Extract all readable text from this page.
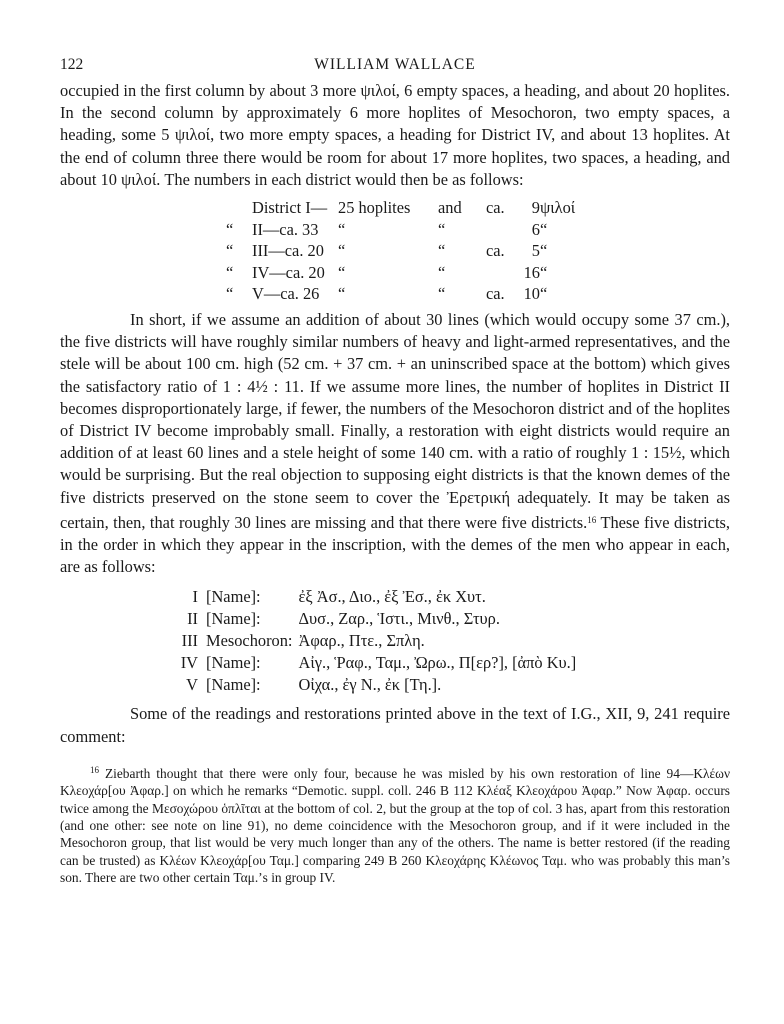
122	WILLIAM WALLACE

occupied in the first column by about 3 more ψιλοί, 6 empty spaces, a heading, and about 20 hoplites. In the second column by approximately 6 more hoplites of Mesochoron, two empty spaces, a heading, some 5 ψιλοί, two more empty spaces, a heading for District IV, and about 13 hoplites. At the end of column three there would be room for about 17 more hoplites, two spaces, a heading, and about 10 ψιλοί. The numbers in each district would then be as follows:

	District I—	25 hoplites	and	ca.	9	ψιλοί
“	II—ca. 33	“	“		6	“
“	III—ca. 20	“	“	ca.	5	“
“	IV—ca. 20	“	“		16	“
“	V—ca. 26	“	“	ca.	10	“

In short, if we assume an addition of about 30 lines (which would occupy some 37 cm.), the five districts will have roughly similar numbers of heavy and light-armed representatives, and the stele will be about 100 cm. high (52 cm. + 37 cm. + an uninscribed space at the bottom) which gives the satisfactory ratio of 1 : 4½ : 11. If we assume more lines, the number of hoplites in District II becomes disproportionately large, if fewer, the numbers of the Mesochoron district and of the hoplites of District IV become improbably small. Finally, a restoration with eight districts would require an addition of at least 60 lines and a stele height of some 140 cm. with a ratio of roughly 1 : 15½, which would be surprising. But the real objection to supposing eight districts is that the known demes of the five districts preserved on the stone seem to cover the Ἐρετρική adequately. It may be taken as certain, then, that roughly 30 lines are missing and that there were five districts.$^{16}$ These five districts, in the order in which they appear in the inscription, with the demes of the men who appear in each, are as follows:

I	[Name]:	ἐξ Ἀσ., Διο., ἐξ Ἐσ., ἐκ Χυτ.
II	[Name]:	Δυσ., Ζαρ., Ἱστι., Μινθ., Στυρ.
III	Mesochoron:	Ἀφαρ., Πτε., Σπλη.
IV	[Name]:	Αἰγ., Ῥαφ., Ταμ., Ὠρω., Π[ερ?], [ἀπὸ Κυ.]
V	[Name]:	Οἰχα., ἐγ Ν., ἐκ [Τη.].

Some of the readings and restorations printed above in the text of I.G., XII, 9, 241 require comment:

$^{16}$ Ziebarth thought that there were only four, because he was misled by his own restoration of line 94—Κλέων Κλεοχάρ[ου Ἀφαρ.] on which he remarks “Demotic. suppl. coll. 246 B 112 Κλέαξ Κλεοχάρου Ἀφαρ.” Now Ἀφαρ. occurs twice among the Μεσοχώρου ὁπλῖται at the bottom of col. 2, but the group at the top of col. 3 has, apart from this restoration (and one other: see note on line 91), no deme coincidence with the Mesochoron group, and if it were included in the Mesochoron group, that list would be very much longer than any of the others. The name is better restored (if the reading can be trusted) as Κλέων Κλεοχάρ[ου Ταμ.] comparing 249 B 260 Κλεοχάρης Κλέωνος Ταμ. who was probably this man’s son. There are two other certain Ταμ.’s in group IV.
